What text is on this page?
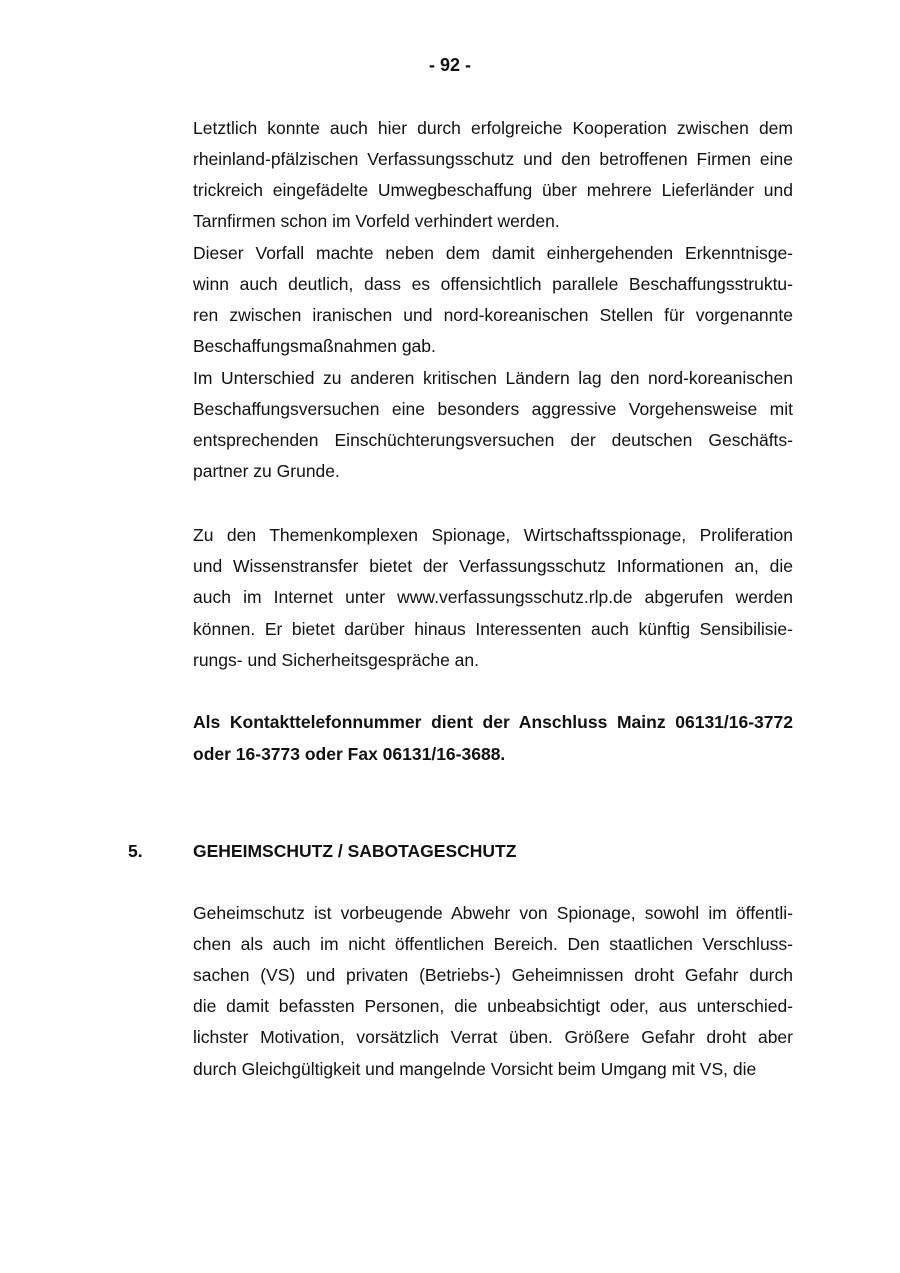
- 92 -
Letztlich konnte auch hier durch erfolgreiche Kooperation zwischen dem
rheinland-pfälzischen Verfassungsschutz und den betroffenen Firmen eine
trickreich eingefädelte Umwegbeschaffung über mehrere Lieferländer und
Tarnfirmen schon im Vorfeld verhindert werden.
Dieser Vorfall machte neben dem damit einhergehenden Erkenntnisge-
winn auch deutlich, dass es offensichtlich parallele Beschaffungsstruktu-
ren zwischen iranischen und nord-koreanischen Stellen für vorgenannte
Beschaffungsmaßnahmen gab.
Im Unterschied zu anderen kritischen Ländern lag den nord-koreanischen
Beschaffungsversuchen eine besonders aggressive Vorgehensweise mit
entsprechenden Einschüchterungsversuchen der deutschen Geschäfts-
partner zu Grunde.
Zu den Themenkomplexen Spionage, Wirtschaftsspionage, Proliferation
und Wissenstransfer bietet der Verfassungsschutz Informationen an, die
auch im Internet unter www.verfassungsschutz.rlp.de abgerufen werden
können. Er bietet darüber hinaus Interessenten auch künftig Sensibilisie-
rungs- und Sicherheitsgespräche an.
Als Kontakttelefonnummer dient der Anschluss Mainz 06131/16-3772
oder 16-3773 oder Fax 06131/16-3688.
5.	GEHEIMSCHUTZ / SABOTAGESCHUTZ
Geheimschutz ist vorbeugende Abwehr von Spionage, sowohl im öffentli-
chen als auch im nicht öffentlichen Bereich. Den staatlichen Verschluss-
sachen (VS) und privaten (Betriebs-) Geheimnissen droht Gefahr durch
die damit befassten Personen, die unbeabsichtigt oder, aus unterschied-
lichster Motivation, vorsätzlich Verrat üben. Größere Gefahr droht aber
durch Gleichgültigkeit und mangelnde Vorsicht beim Umgang mit VS, die
